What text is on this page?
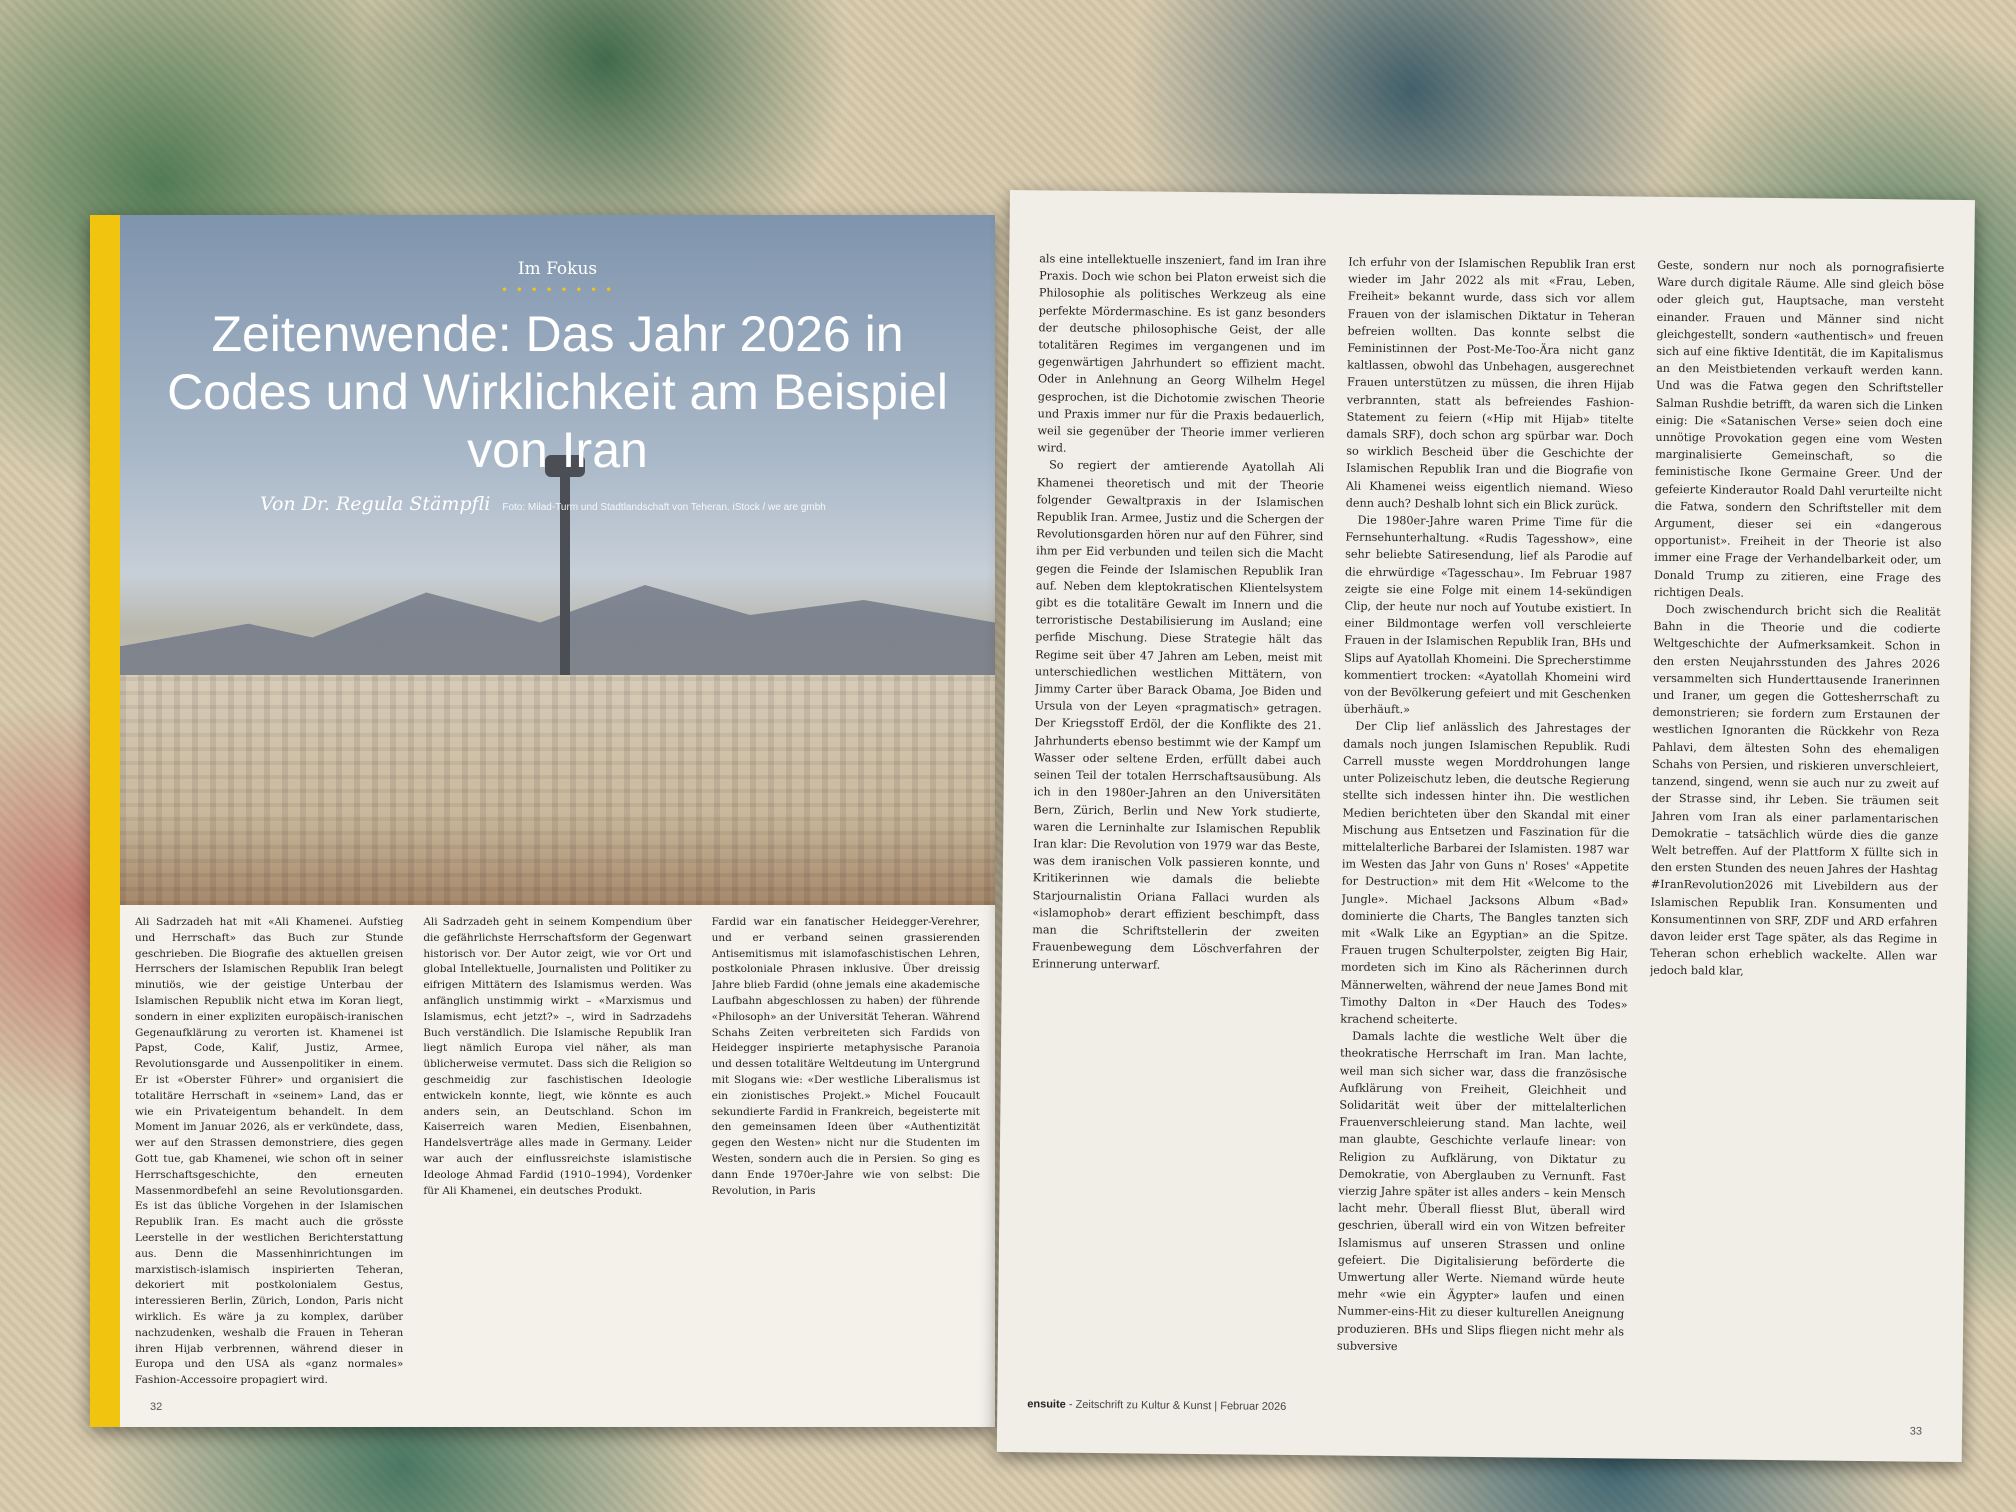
Im Fokus
• • • • • • • •
Zeitenwende: Das Jahr 2026 in Codes und Wirklichkeit am Beispiel von Iran
Von Dr. Regula Stämpfli Foto: Milad-Turm und Stadtlandschaft von Teheran. iStock / we are gmbh

Ali Sadrzadeh hat mit «Ali Khamenei. Aufstieg und Herrschaft» das Buch zur Stunde geschrieben. Die Biografie des aktuellen greisen Herrschers der Islamischen Republik Iran belegt minutiös, wie der geistige Unterbau der Islamischen Republik nicht etwa im Koran liegt, sondern in einer expliziten europäisch-iranischen Gegenaufklärung zu verorten ist. Khamenei ist Papst, Code, Kalif, Justiz, Armee, Revolutionsgarde und Aussenpolitiker in einem. Er ist «Oberster Führer» und organisiert die totalitäre Herrschaft in «seinem» Land, das er wie ein Privateigentum behandelt. In dem Moment im Januar 2026, als er verkündete, dass, wer auf den Strassen demonstriere, dies gegen Gott tue, gab Khamenei, wie schon oft in seiner Herrschaftsgeschichte, den erneuten Massenmordbefehl an seine Revolutionsgarden. Es ist das übliche Vorgehen in der Islamischen Republik Iran. Es macht auch die grösste Leerstelle in der westlichen Berichterstattung aus. Denn die Massenhinrichtungen im marxistisch-islamisch inspirierten Teheran, dekoriert mit postkolonialem Gestus, interessieren Berlin, Zürich, London, Paris nicht wirklich. Es wäre ja zu komplex, darüber nachzudenken, weshalb die Frauen in Teheran ihren Hijab verbrennen, während dieser in Europa und den USA als «ganz normales» Fashion-Accessoire propagiert wird.

Ali Sadrzadeh geht in seinem Kompendium über die gefährlichste Herrschaftsform der Gegenwart historisch vor. Der Autor zeigt, wie vor Ort und global Intellektuelle, Journalisten und Politiker zu eifrigen Mittätern des Islamismus werden. Was anfänglich unstimmig wirkt – «Marxismus und Islamismus, echt jetzt?» –, wird in Sadrzadehs Buch verständlich. Die Islamische Republik Iran liegt nämlich Europa viel näher, als man üblicherweise vermutet. Dass sich die Religion so geschmeidig zur faschistischen Ideologie entwickeln konnte, liegt, wie könnte es auch anders sein, an Deutschland. Schon im Kaiserreich waren Medien, Eisenbahnen, Handelsverträge alles made in Germany. Leider war auch der einflussreichste islamistische Ideologe Ahmad Fardid (1910–1994), Vordenker für Ali Khamenei, ein deutsches Produkt.

Fardid war ein fanatischer Heidegger-Verehrer, und er verband seinen grassierenden Antisemitismus mit islamofaschistischen Lehren, postkoloniale Phrasen inklusive. Über dreissig Jahre blieb Fardid (ohne jemals eine akademische Laufbahn abgeschlossen zu haben) der führende «Philosoph» an der Universität Teheran. Während Schahs Zeiten verbreiteten sich Fardids von Heidegger inspirierte metaphysische Paranoia und dessen totalitäre Weltdeutung im Untergrund mit Slogans wie: «Der westliche Liberalismus ist ein zionistisches Projekt.» Michel Foucault sekundierte Fardid in Frankreich, begeisterte mit den gemeinsamen Ideen über «Authentizität gegen den Westen» nicht nur die Studenten im Westen, sondern auch die in Persien. So ging es dann Ende 1970er-Jahre wie von selbst: Die Revolution, in Paris

32

als eine intellektuelle inszeniert, fand im Iran ihre Praxis. Doch wie schon bei Platon erweist sich die Philosophie als politisches Werkzeug als eine perfekte Mördermaschine. Es ist ganz besonders der deutsche philosophische Geist, der alle totalitären Regimes im vergangenen und im gegenwärtigen Jahrhundert so effizient macht. Oder in Anlehnung an Georg Wilhelm Hegel gesprochen, ist die Dichotomie zwischen Theorie und Praxis immer nur für die Praxis bedauerlich, weil sie gegenüber der Theorie immer verlieren wird.

So regiert der amtierende Ayatollah Ali Khamenei theoretisch und mit der Theorie folgender Gewaltpraxis in der Islamischen Republik Iran. Armee, Justiz und die Schergen der Revolutionsgarden hören nur auf den Führer, sind ihm per Eid verbunden und teilen sich die Macht gegen die Feinde der Islamischen Republik Iran auf. Neben dem kleptokratischen Klientelsystem gibt es die totalitäre Gewalt im Innern und die terroristische Destabilisierung im Ausland; eine perfide Mischung. Diese Strategie hält das Regime seit über 47 Jahren am Leben, meist mit unterschiedlichen westlichen Mittätern, von Jimmy Carter über Barack Obama, Joe Biden und Ursula von der Leyen «pragmatisch» getragen. Der Kriegsstoff Erdöl, der die Konflikte des 21. Jahrhunderts ebenso bestimmt wie der Kampf um Wasser oder seltene Erden, erfüllt dabei auch seinen Teil der totalen Herrschaftsausübung. Als ich in den 1980er-Jahren an den Universitäten Bern, Zürich, Berlin und New York studierte, waren die Lerninhalte zur Islamischen Republik Iran klar: Die Revolution von 1979 war das Beste, was dem iranischen Volk passieren konnte, und Kritikerinnen wie damals die beliebte Starjournalistin Oriana Fallaci wurden als «islamophob» derart effizient beschimpft, dass man die Schriftstellerin der zweiten Frauenbewegung dem Löschverfahren der Erinnerung unterwarf.

Ich erfuhr von der Islamischen Republik Iran erst wieder im Jahr 2022 als mit «Frau, Leben, Freiheit» bekannt wurde, dass sich vor allem Frauen von der islamischen Diktatur in Teheran befreien wollten. Das konnte selbst die Feministinnen der Post-Me-Too-Ära nicht ganz kaltlassen, obwohl das Unbehagen, ausgerechnet Frauen unterstützen zu müssen, die ihren Hijab verbrannten, statt als befreiendes Fashion-Statement zu feiern («Hip mit Hijab» titelte damals SRF), doch schon arg spürbar war. Doch so wirklich Bescheid über die Geschichte der Islamischen Republik Iran und die Biografie von Ali Khamenei weiss eigentlich niemand. Wieso denn auch? Deshalb lohnt sich ein Blick zurück.

Die 1980er-Jahre waren Prime Time für die Fernsehunterhaltung. «Rudis Tagesshow», eine sehr beliebte Satiresendung, lief als Parodie auf die ehrwürdige «Tagesschau». Im Februar 1987 zeigte sie eine Folge mit einem 14-sekündigen Clip, der heute nur noch auf Youtube existiert. In einer Bildmontage werfen voll verschleierte Frauen in der Islamischen Republik Iran, BHs und Slips auf Ayatollah Khomeini. Die Sprecherstimme kommentiert trocken: «Ayatollah Khomeini wird von der Bevölkerung gefeiert und mit Geschenken überhäuft.»

Der Clip lief anlässlich des Jahrestages der damals noch jungen Islamischen Republik. Rudi Carrell musste wegen Morddrohungen lange unter Polizeischutz leben, die deutsche Regierung stellte sich indessen hinter ihn. Die westlichen Medien berichteten über den Skandal mit einer Mischung aus Entsetzen und Faszination für die mittelalterliche Barbarei der Islamisten. 1987 war im Westen das Jahr von Guns n' Roses' «Appetite for Destruction» mit dem Hit «Welcome to the Jungle». Michael Jacksons Album «Bad» dominierte die Charts, The Bangles tanzten sich mit «Walk Like an Egyptian» an die Spitze. Frauen trugen Schulterpolster, zeigten Big Hair, mordeten sich im Kino als Rächerinnen durch Männerwelten, während der neue James Bond mit Timothy Dalton in «Der Hauch des Todes» krachend scheiterte.

Damals lachte die westliche Welt über die theokratische Herrschaft im Iran. Man lachte, weil man sich sicher war, dass die französische Aufklärung von Freiheit, Gleichheit und Solidarität weit über der mittelalterlichen Frauenverschleierung stand. Man lachte, weil man glaubte, Geschichte verlaufe linear: von Religion zu Aufklärung, von Diktatur zu Demokratie, von Aberglauben zu Vernunft. Fast vierzig Jahre später ist alles anders – kein Mensch lacht mehr. Überall fliesst Blut, überall wird geschrien, überall wird ein von Witzen befreiter Islamismus auf unseren Strassen und online gefeiert. Die Digitalisierung beförderte die Umwertung aller Werte. Niemand würde heute mehr «wie ein Ägypter» laufen und einen Nummer-eins-Hit zu dieser kulturellen Aneignung produzieren. BHs und Slips fliegen nicht mehr als subversive

Geste, sondern nur noch als pornografisierte Ware durch digitale Räume. Alle sind gleich böse oder gleich gut, Hauptsache, man versteht einander. Frauen und Männer sind nicht gleichgestellt, sondern «authentisch» und freuen sich auf eine fiktive Identität, die im Kapitalismus an den Meistbietenden verkauft werden kann. Und was die Fatwa gegen den Schriftsteller Salman Rushdie betrifft, da waren sich die Linken einig: Die «Satanischen Verse» seien doch eine unnötige Provokation gegen eine vom Westen marginalisierte Gemeinschaft, so die feministische Ikone Germaine Greer. Und der gefeierte Kinderautor Roald Dahl verurteilte nicht die Fatwa, sondern den Schriftsteller mit dem Argument, dieser sei ein «dangerous opportunist». Freiheit in der Theorie ist also immer eine Frage der Verhandelbarkeit oder, um Donald Trump zu zitieren, eine Frage des richtigen Deals.

Doch zwischendurch bricht sich die Realität Bahn in die Theorie und die codierte Weltgeschichte der Aufmerksamkeit. Schon in den ersten Neujahrsstunden des Jahres 2026 versammelten sich Hunderttausende Iranerinnen und Iraner, um gegen die Gottesherrschaft zu demonstrieren; sie fordern zum Erstaunen der westlichen Ignoranten die Rückkehr von Reza Pahlavi, dem ältesten Sohn des ehemaligen Schahs von Persien, und riskieren unverschleiert, tanzend, singend, wenn sie auch nur zu zweit auf der Strasse sind, ihr Leben. Sie träumen seit Jahren vom Iran als einer parlamentarischen Demokratie – tatsächlich würde dies die ganze Welt betreffen. Auf der Plattform X füllte sich in den ersten Stunden des neuen Jahres der Hashtag #IranRevolution2026 mit Livebildern aus der Islamischen Republik Iran. Konsumenten und Konsumentinnen von SRF, ZDF und ARD erfahren davon leider erst Tage später, als das Regime in Teheran schon erheblich wackelte. Allen war jedoch bald klar,

ensuite - Zeitschrift zu Kultur & Kunst | Februar 2026
33
